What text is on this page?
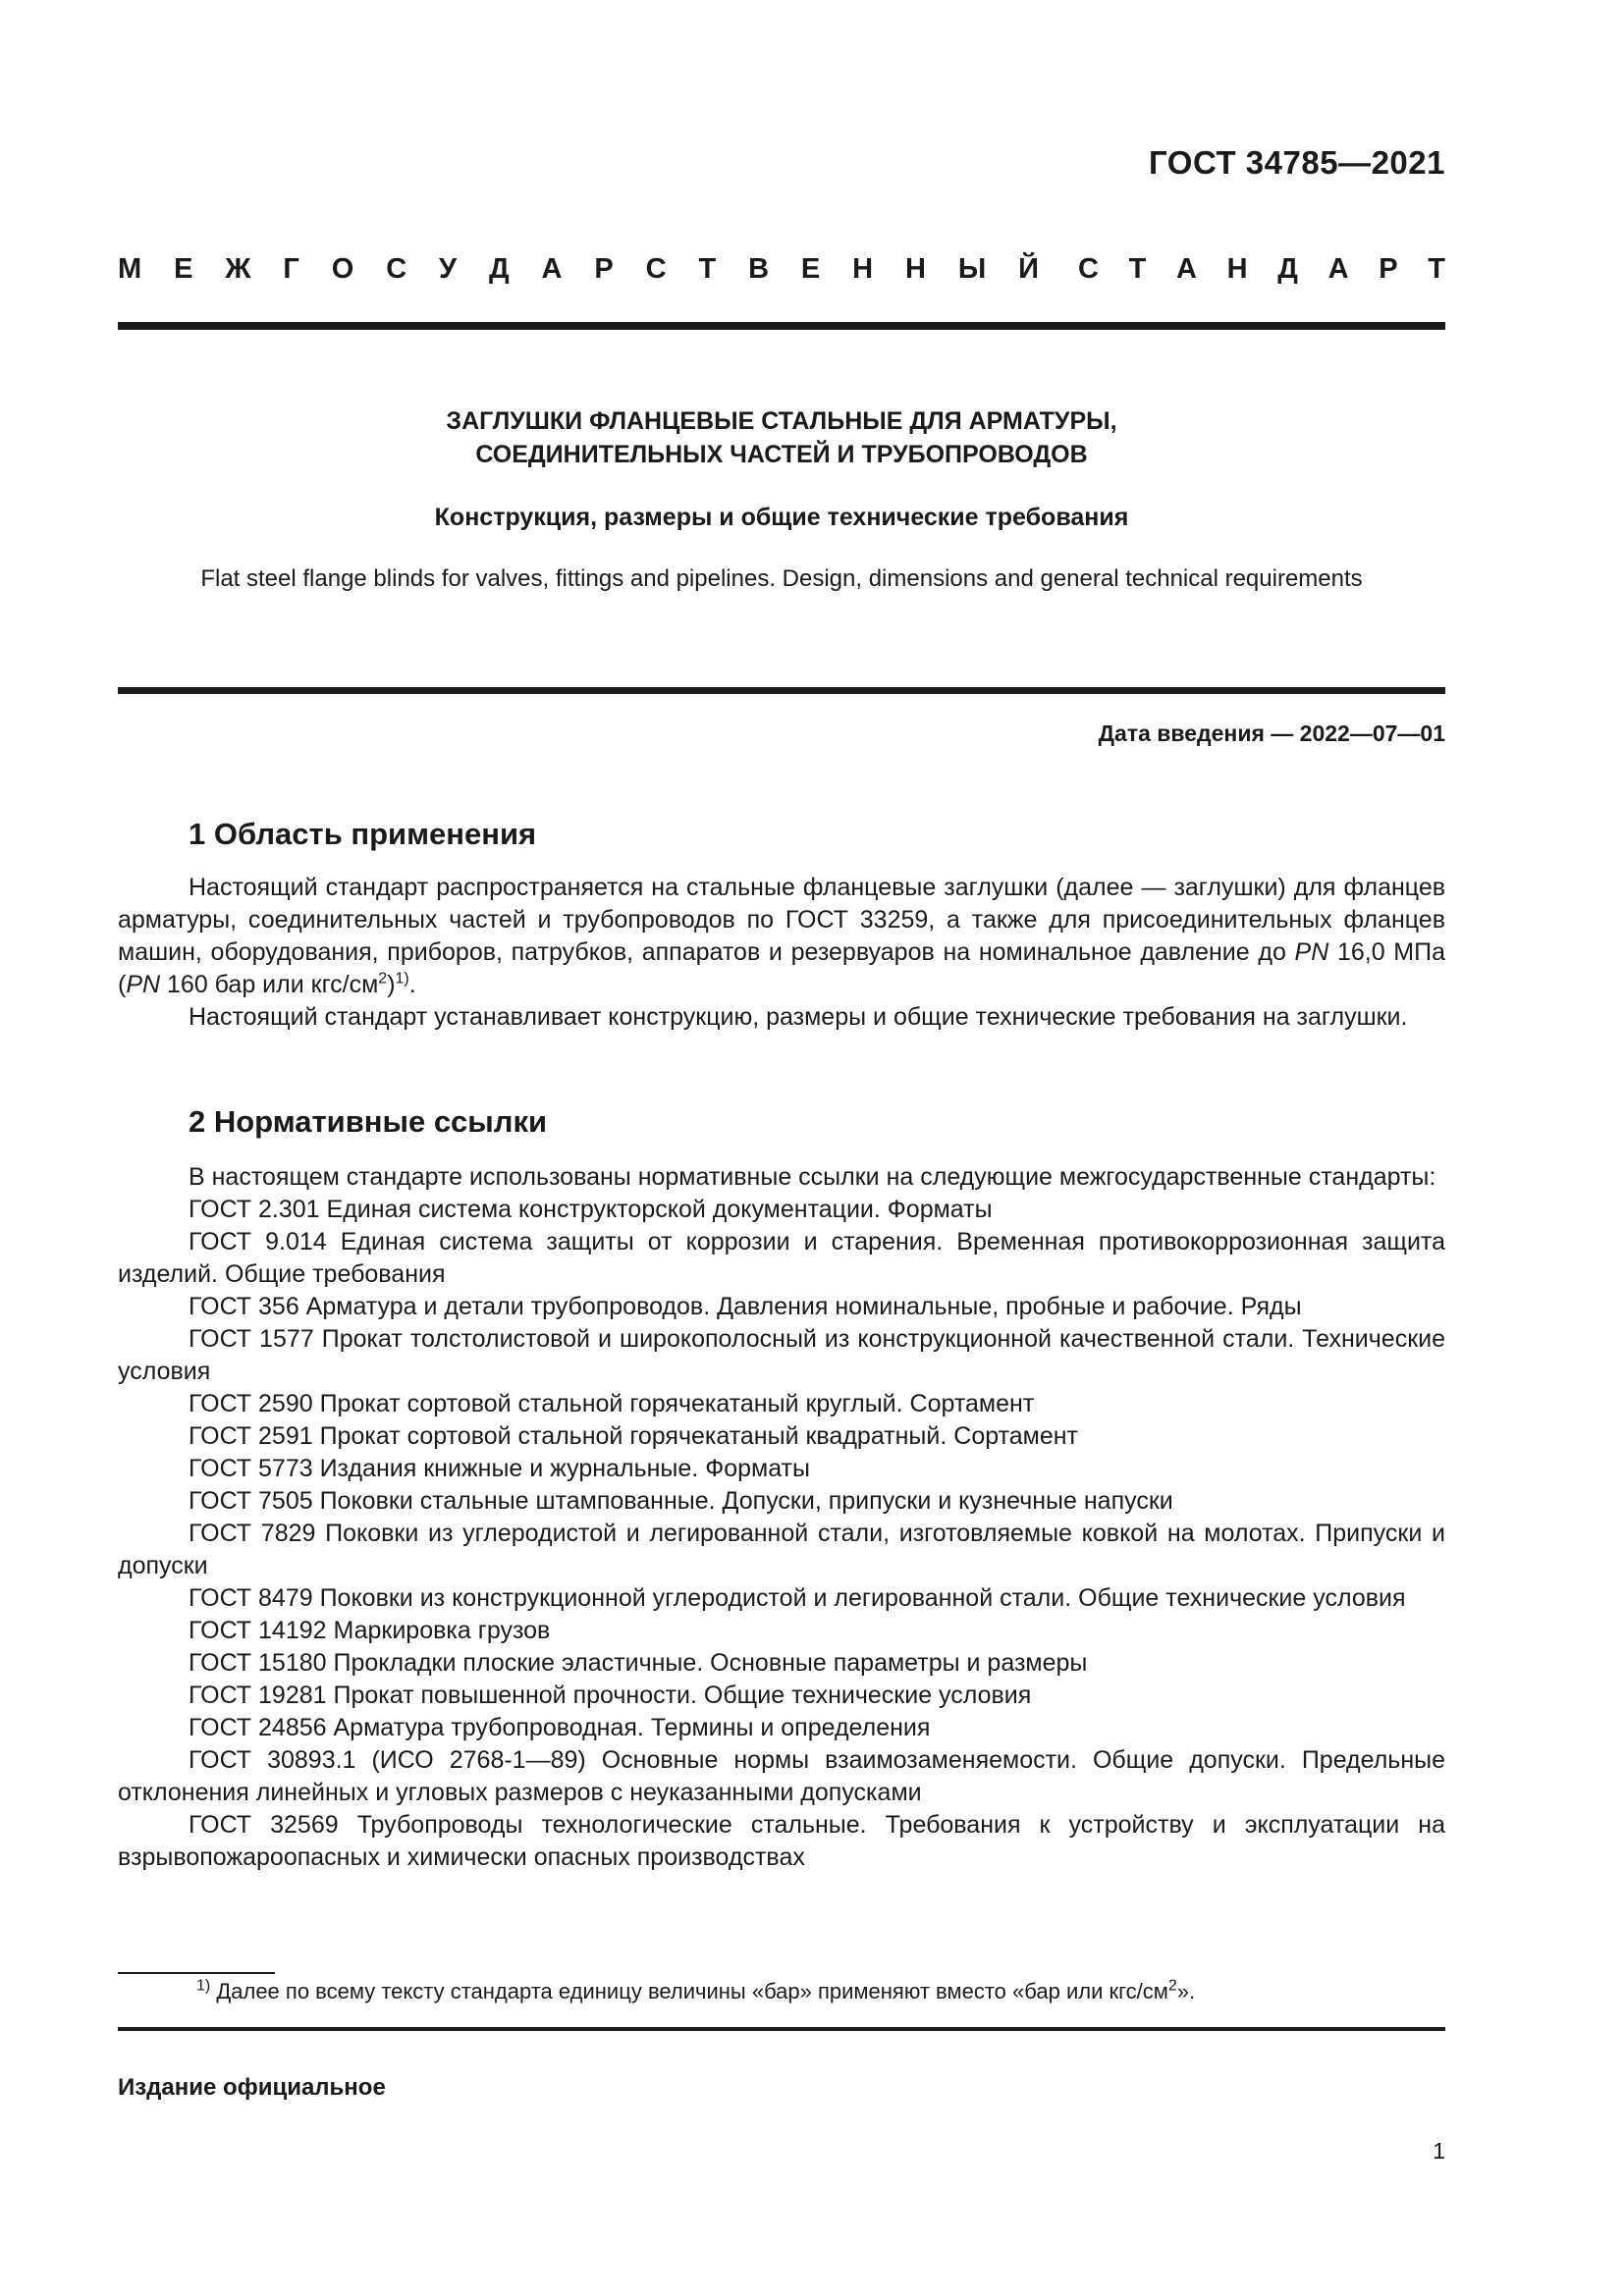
ГОСТ 34785—2021
М Е Ж Г О С У Д А Р С Т В Е Н Н Ы Й С Т А Н Д А Р Т
ЗАГЛУШКИ ФЛАНЦЕВЫЕ СТАЛЬНЫЕ ДЛЯ АРМАТУРЫ,
СОЕДИНИТЕЛЬНЫХ ЧАСТЕЙ И ТРУБОПРОВОДОВ
Конструкция, размеры и общие технические требования
Flat steel flange blinds for valves, fittings and pipelines. Design, dimensions and general technical requirements
Дата введения — 2022—07—01
1 Область применения

Настоящий стандарт распространяется на стальные фланцевые заглушки (далее — заглушки) для фланцев арматуры, соединительных частей и трубопроводов по ГОСТ 33259, а также для присоединительных фланцев машин, оборудования, приборов, патрубков, аппаратов и резервуаров на номинальное давление до PN 16,0 МПа (PN 160 бар или кгс/$см^2)^{1)}$.

Настоящий стандарт устанавливает конструкцию, размеры и общие технические требования на заглушки.

2 Нормативные ссылки

В настоящем стандарте использованы нормативные ссылки на следующие межгосударственные стандарты:

ГОСТ 2.301 Единая система конструкторской документации. Форматы

ГОСТ 9.014 Единая система защиты от коррозии и старения. Временная противокоррозионная защита изделий. Общие требования

ГОСТ 356 Арматура и детали трубопроводов. Давления номинальные, пробные и рабочие. Ряды

ГОСТ 1577 Прокат толстолистовой и широкополосный из конструкционной качественной стали. Технические условия

ГОСТ 2590 Прокат сортовой стальной горячекатаный круглый. Сортамент

ГОСТ 2591 Прокат сортовой стальной горячекатаный квадратный. Сортамент

ГОСТ 5773 Издания книжные и журнальные. Форматы

ГОСТ 7505 Поковки стальные штампованные. Допуски, припуски и кузнечные напуски

ГОСТ 7829 Поковки из углеродистой и легированной стали, изготовляемые ковкой на молотах. Припуски и допуски

ГОСТ 8479 Поковки из конструкционной углеродистой и легированной стали. Общие технические условия

ГОСТ 14192 Маркировка грузов

ГОСТ 15180 Прокладки плоские эластичные. Основные параметры и размеры

ГОСТ 19281 Прокат повышенной прочности. Общие технические условия

ГОСТ 24856 Арматура трубопроводная. Термины и определения

ГОСТ 30893.1 (ИСО 2768-1—89) Основные нормы взаимозаменяемости. Общие допуски. Предельные отклонения линейных и угловых размеров с неуказанными допусками

ГОСТ 32569 Трубопроводы технологические стальные. Требования к устройству и эксплуатации на взрывопожароопасных и химически опасных производствах

$^{1)}$ Далее по всему тексту стандарта единицу величины «бар» применяют вместо «бар или кгс/$см^2$».
Издание официальное
1
